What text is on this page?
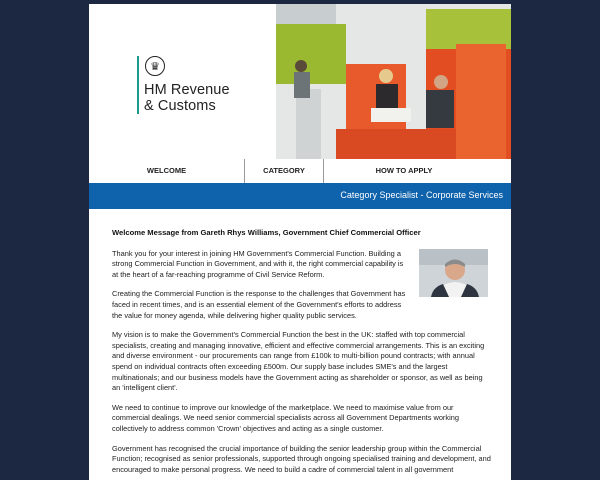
♛
HM Revenue
& Customs
WELCOME	CATEGORY	HOW TO APPLY
Category Specialist - Corporate Services
Welcome Message from Gareth Rhys Williams, Government Chief Commercial Officer

Thank you for your interest in joining HM Government's Commercial Function. Building a strong Commercial Function in Government, and with it, the right commercial capability is at the heart of a far-reaching programme of Civil Service Reform.

Creating the Commercial Function is the response to the challenges that Government has faced in recent times, and is an essential element of the Government's efforts to address the value for money agenda, while delivering higher quality public services.

My vision is to make the Government's Commercial Function the best in the UK: staffed with top commercial specialists, creating and managing innovative, efficient and effective commercial arrangements. This is an exciting and diverse environment - our procurements can range from £100k to multi-billion pound contracts; with annual spend on individual contracts often exceeding £500m. Our supply base includes SME's and the largest multinationals; and our business models have the Government acting as shareholder or sponsor, as well as being an 'intelligent client'.

We need to continue to improve our knowledge of the marketplace. We need to maximise value from our commercial dealings. We need senior commercial specialists across all Government Departments working collectively to address common 'Crown' objectives and acting as a single customer.

Government has recognised the crucial importance of building the senior leadership group within the Commercial Function; recognised as senior professionals, supported through ongoing specialised training and development, and encouraged to make personal progress. We need to build a cadre of commercial talent in all government
